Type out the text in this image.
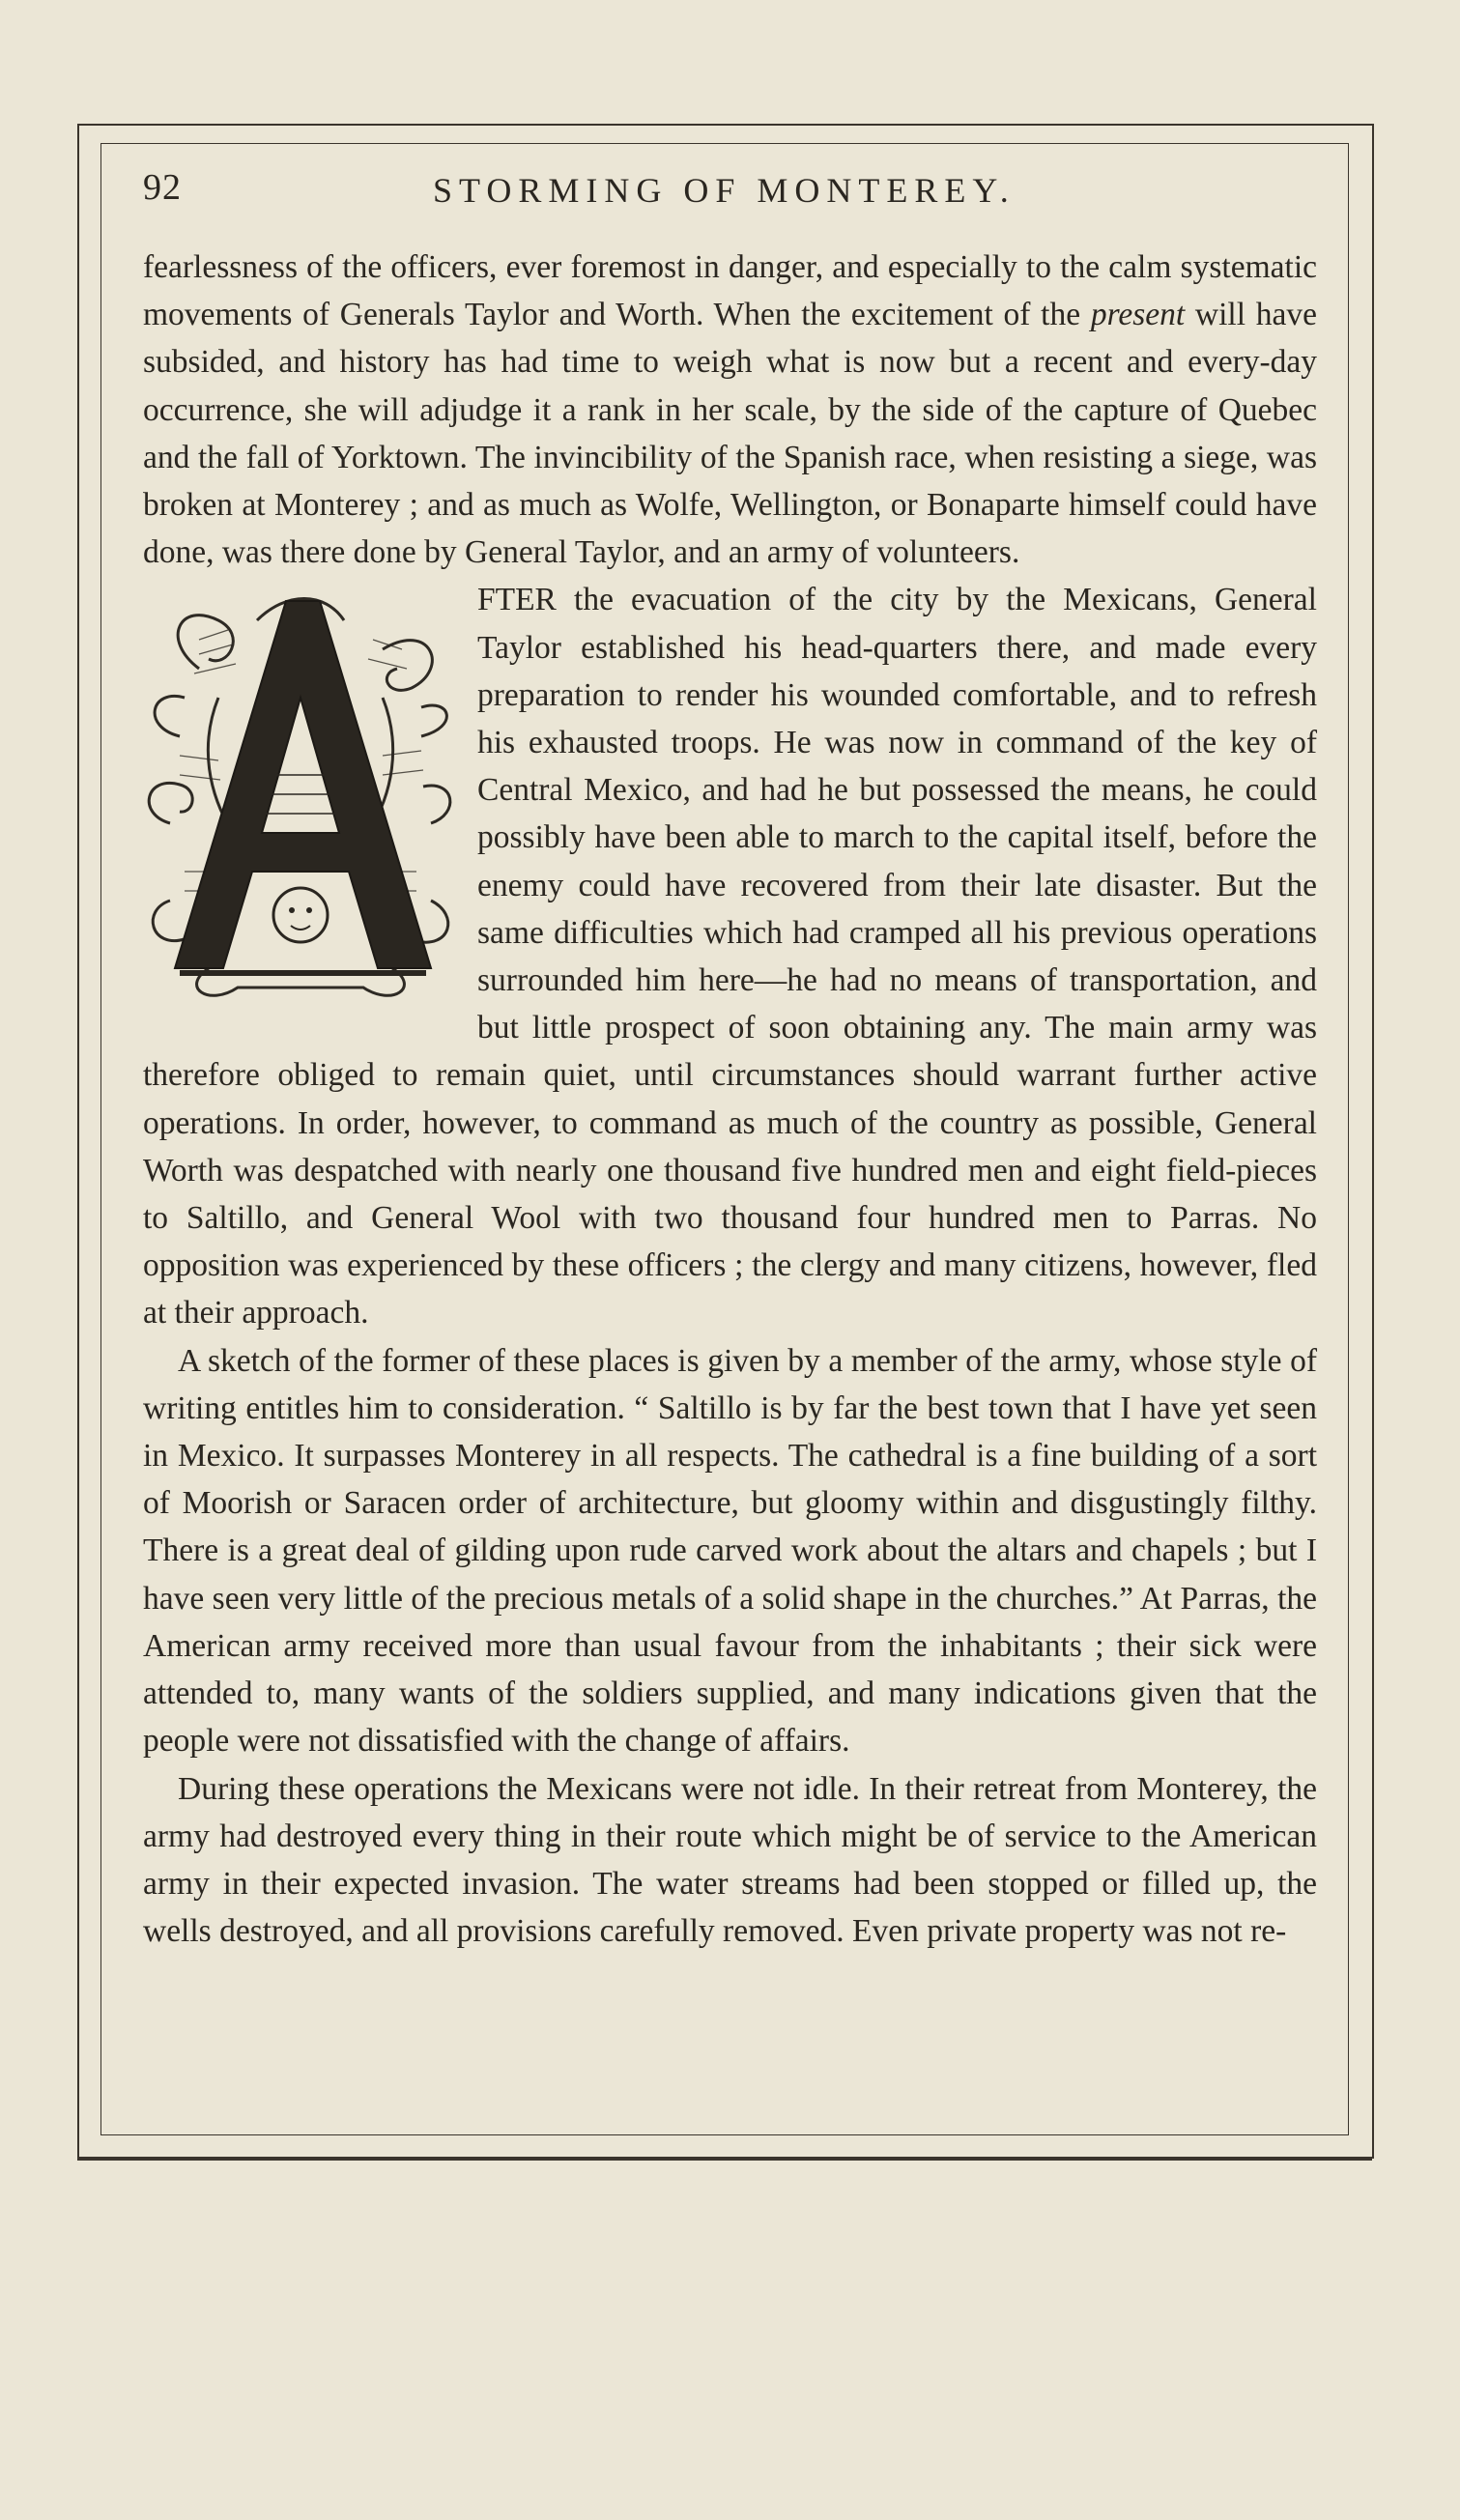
92	STORMING OF MONTEREY.

fearlessness of the officers, ever foremost in danger, and especially to the calm systematic movements of Generals Taylor and Worth. When the excitement of the present will have subsided, and history has had time to weigh what is now but a recent and every-day occurrence, she will adjudge it a rank in her scale, by the side of the capture of Quebec and the fall of Yorktown. The invincibility of the Spanish race, when resisting a siege, was broken at Monterey ; and as much as Wolfe, Wellington, or Bonaparte himself could have done, was there done by General Taylor, and an army of volunteers.

FTER the evacuation of the city by the Mexicans, General Taylor established his head-quarters there, and made every preparation to render his wounded comfortable, and to refresh his exhausted troops. He was now in command of the key of Central Mexico, and had he but possessed the means, he could possibly have been able to march to the capital itself, before the enemy could have recovered from their late disaster. But the same difficulties which had cramped all his previous operations surrounded him here—he had no means of transportation, and but little prospect of soon obtaining any. The main army was therefore obliged to remain quiet, until circumstances should warrant further active operations. In order, however, to command as much of the country as possible, General Worth was despatched with nearly one thousand five hundred men and eight field-pieces to Saltillo, and General Wool with two thousand four hundred men to Parras. No opposition was experienced by these officers ; the clergy and many citizens, however, fled at their approach.

A sketch of the former of these places is given by a member of the army, whose style of writing entitles him to consideration. “ Saltillo is by far the best town that I have yet seen in Mexico. It surpasses Monterey in all respects. The cathedral is a fine building of a sort of Moorish or Saracen order of architecture, but gloomy within and disgustingly filthy. There is a great deal of gilding upon rude carved work about the altars and chapels ; but I have seen very little of the precious metals of a solid shape in the churches.” At Parras, the American army received more than usual favour from the inhabitants ; their sick were attended to, many wants of the soldiers supplied, and many indications given that the people were not dissatisfied with the change of affairs.

During these operations the Mexicans were not idle. In their retreat from Monterey, the army had destroyed every thing in their route which might be of service to the American army in their expected invasion. The water streams had been stopped or filled up, the wells destroyed, and all provisions carefully removed. Even private property was not re-
